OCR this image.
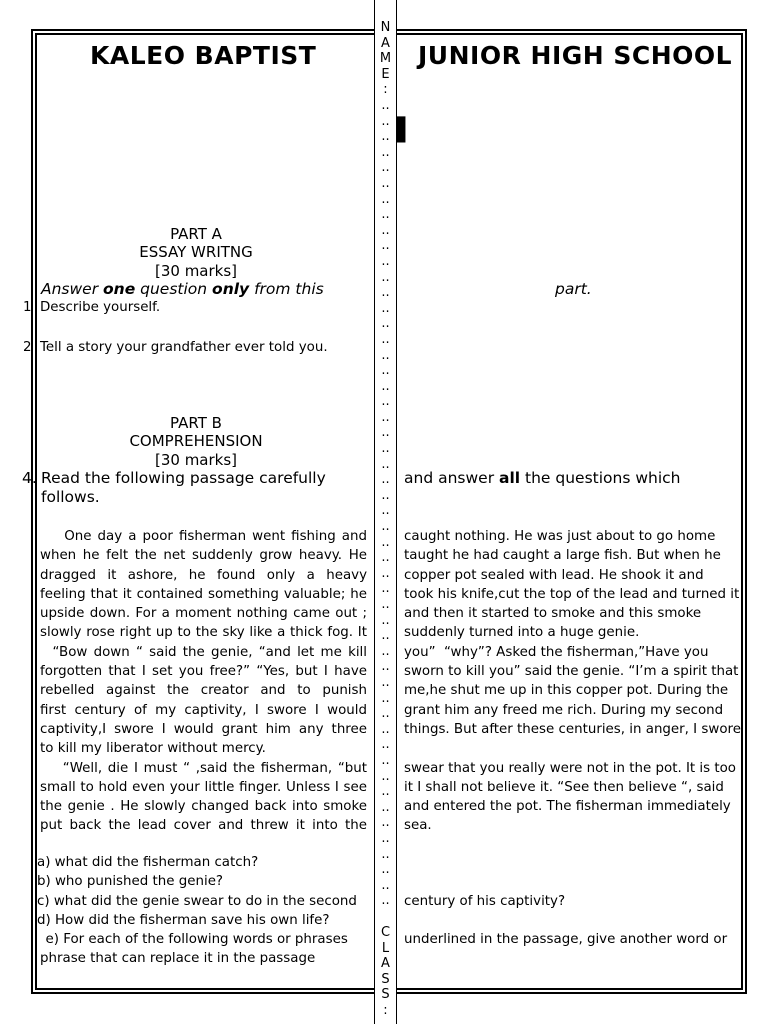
KALEO BAPTIST	JUNIOR HIGH SCHOOL
▌
PART A
ESSAY WRITNG
[30 marks]
Answer one question only from this	part.
1 Describe yourself.
2 Tell a story your grandfather ever told you.
PART B
COMPREHENSION
[30 marks]
4. Read the following passage carefully
follows.
and answer all the questions which
One day a poor fisherman went fishing and
when he felt the net suddenly grow heavy. He
dragged it ashore, he found only a heavy
feeling that it contained something valuable; he
upside down. For a moment nothing came out ;
slowly rose right up to the sky like a thick fog. It
“Bow down “ said the genie, “and let me kill
forgotten that I set you free?” “Yes, but I have
rebelled against the creator and to punish
first century of my captivity, I swore I would
captivity,I swore I would grant him any three
to kill my liberator without mercy.
“Well, die I must “ ,said the fisherman, “but
small to hold even your little finger. Unless I see
the genie . He slowly changed back into smoke
put back the lead cover and threw it into the
caught nothing. He was just about to go home
taught he had caught a large fish. But when he
copper pot sealed with lead. He shook it and
took his knife,cut the top of the lead and turned it
and then it started to smoke and this smoke
suddenly turned into a huge genie.
you”  “why”? Asked the fisherman,”Have you
sworn to kill you” said the genie. “I’m a spirit that
me,he shut me up in this copper pot. During the
grant him any freed me rich. During my second
things. But after these centuries, in anger, I swore
swear that you really were not in the pot. It is too
it I shall not believe it. “See then believe “, said
and entered the pot. The fisherman immediately
sea.
a) what did the fisherman catch?
b) who punished the genie?
c) what did the genie swear to do in the second	century of his captivity?
d) How did the fisherman save his own life?
e) For each of the following words or phrases	underlined in the passage, give another word or
phrase that can replace it in the passage
N
A
M
E
:
..
..
..
..
..
..
..
..
..
..
..
..
..
..
..
..
..
..
..
..
..
..
..
..
..
..
..
..
..
..
..
..
..
..
..
..
..
..
..
..
..
..
..
..
..
..
..
..
..
..
..
..
C
L
A
S
S
:
